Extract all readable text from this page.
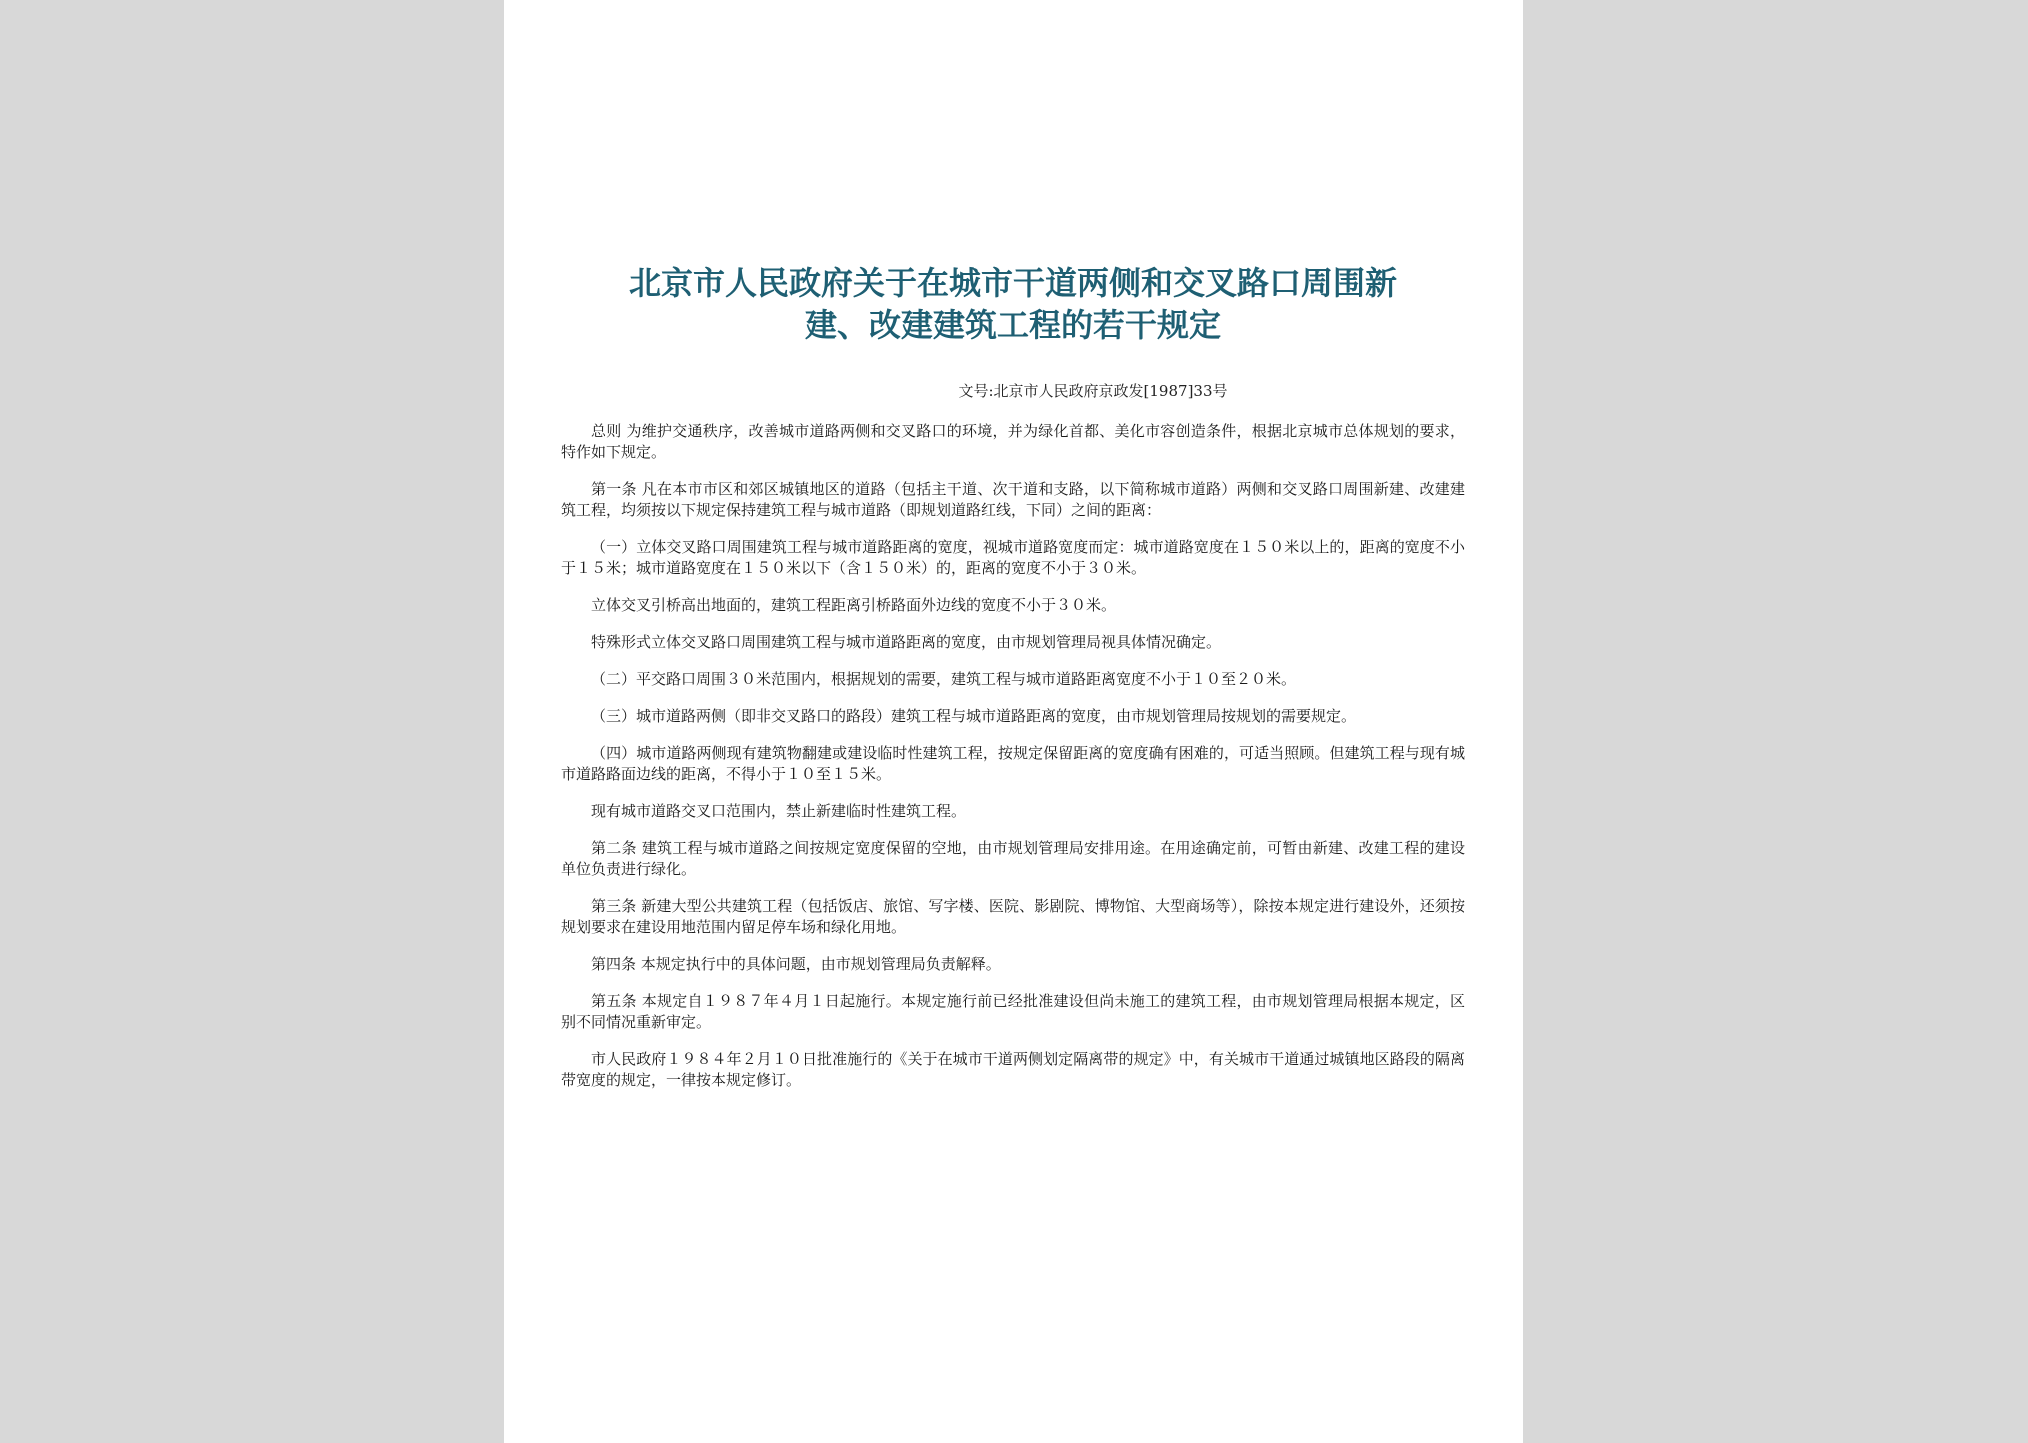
北京市人民政府关于在城市干道两侧和交叉路口周围新
建、改建建筑工程的若干规定
文号:北京市人民政府京政发[1987]33号

总则 为维护交通秩序，改善城市道路两侧和交叉路口的环境，并为绿化首都、美化市容创造条件，根据北京城市总体规划的要求，特作如下规定。

第一条 凡在本市市区和郊区城镇地区的道路（包括主干道、次干道和支路，以下简称城市道路）两侧和交叉路口周围新建、改建建筑工程，均须按以下规定保持建筑工程与城市道路（即规划道路红线，下同）之间的距离：

（一）立体交叉路口周围建筑工程与城市道路距离的宽度，视城市道路宽度而定：城市道路宽度在１５０米以上的，距离的宽度不小于１５米；城市道路宽度在１５０米以下（含１５０米）的，距离的宽度不小于３０米。

立体交叉引桥高出地面的，建筑工程距离引桥路面外边线的宽度不小于３０米。

特殊形式立体交叉路口周围建筑工程与城市道路距离的宽度，由市规划管理局视具体情况确定。

（二）平交路口周围３０米范围内，根据规划的需要，建筑工程与城市道路距离宽度不小于１０至２０米。

（三）城市道路两侧（即非交叉路口的路段）建筑工程与城市道路距离的宽度，由市规划管理局按规划的需要规定。

（四）城市道路两侧现有建筑物翻建或建设临时性建筑工程，按规定保留距离的宽度确有困难的，可适当照顾。但建筑工程与现有城市道路路面边线的距离，不得小于１０至１５米。

现有城市道路交叉口范围内，禁止新建临时性建筑工程。

第二条 建筑工程与城市道路之间按规定宽度保留的空地，由市规划管理局安排用途。在用途确定前，可暂由新建、改建工程的建设单位负责进行绿化。

第三条 新建大型公共建筑工程（包括饭店、旅馆、写字楼、医院、影剧院、博物馆、大型商场等），除按本规定进行建设外，还须按规划要求在建设用地范围内留足停车场和绿化用地。

第四条 本规定执行中的具体问题，由市规划管理局负责解释。

第五条 本规定自１９８７年４月１日起施行。本规定施行前已经批准建设但尚未施工的建筑工程，由市规划管理局根据本规定，区别不同情况重新审定。

市人民政府１９８４年２月１０日批准施行的《关于在城市干道两侧划定隔离带的规定》中，有关城市干道通过城镇地区路段的隔离带宽度的规定，一律按本规定修订。
